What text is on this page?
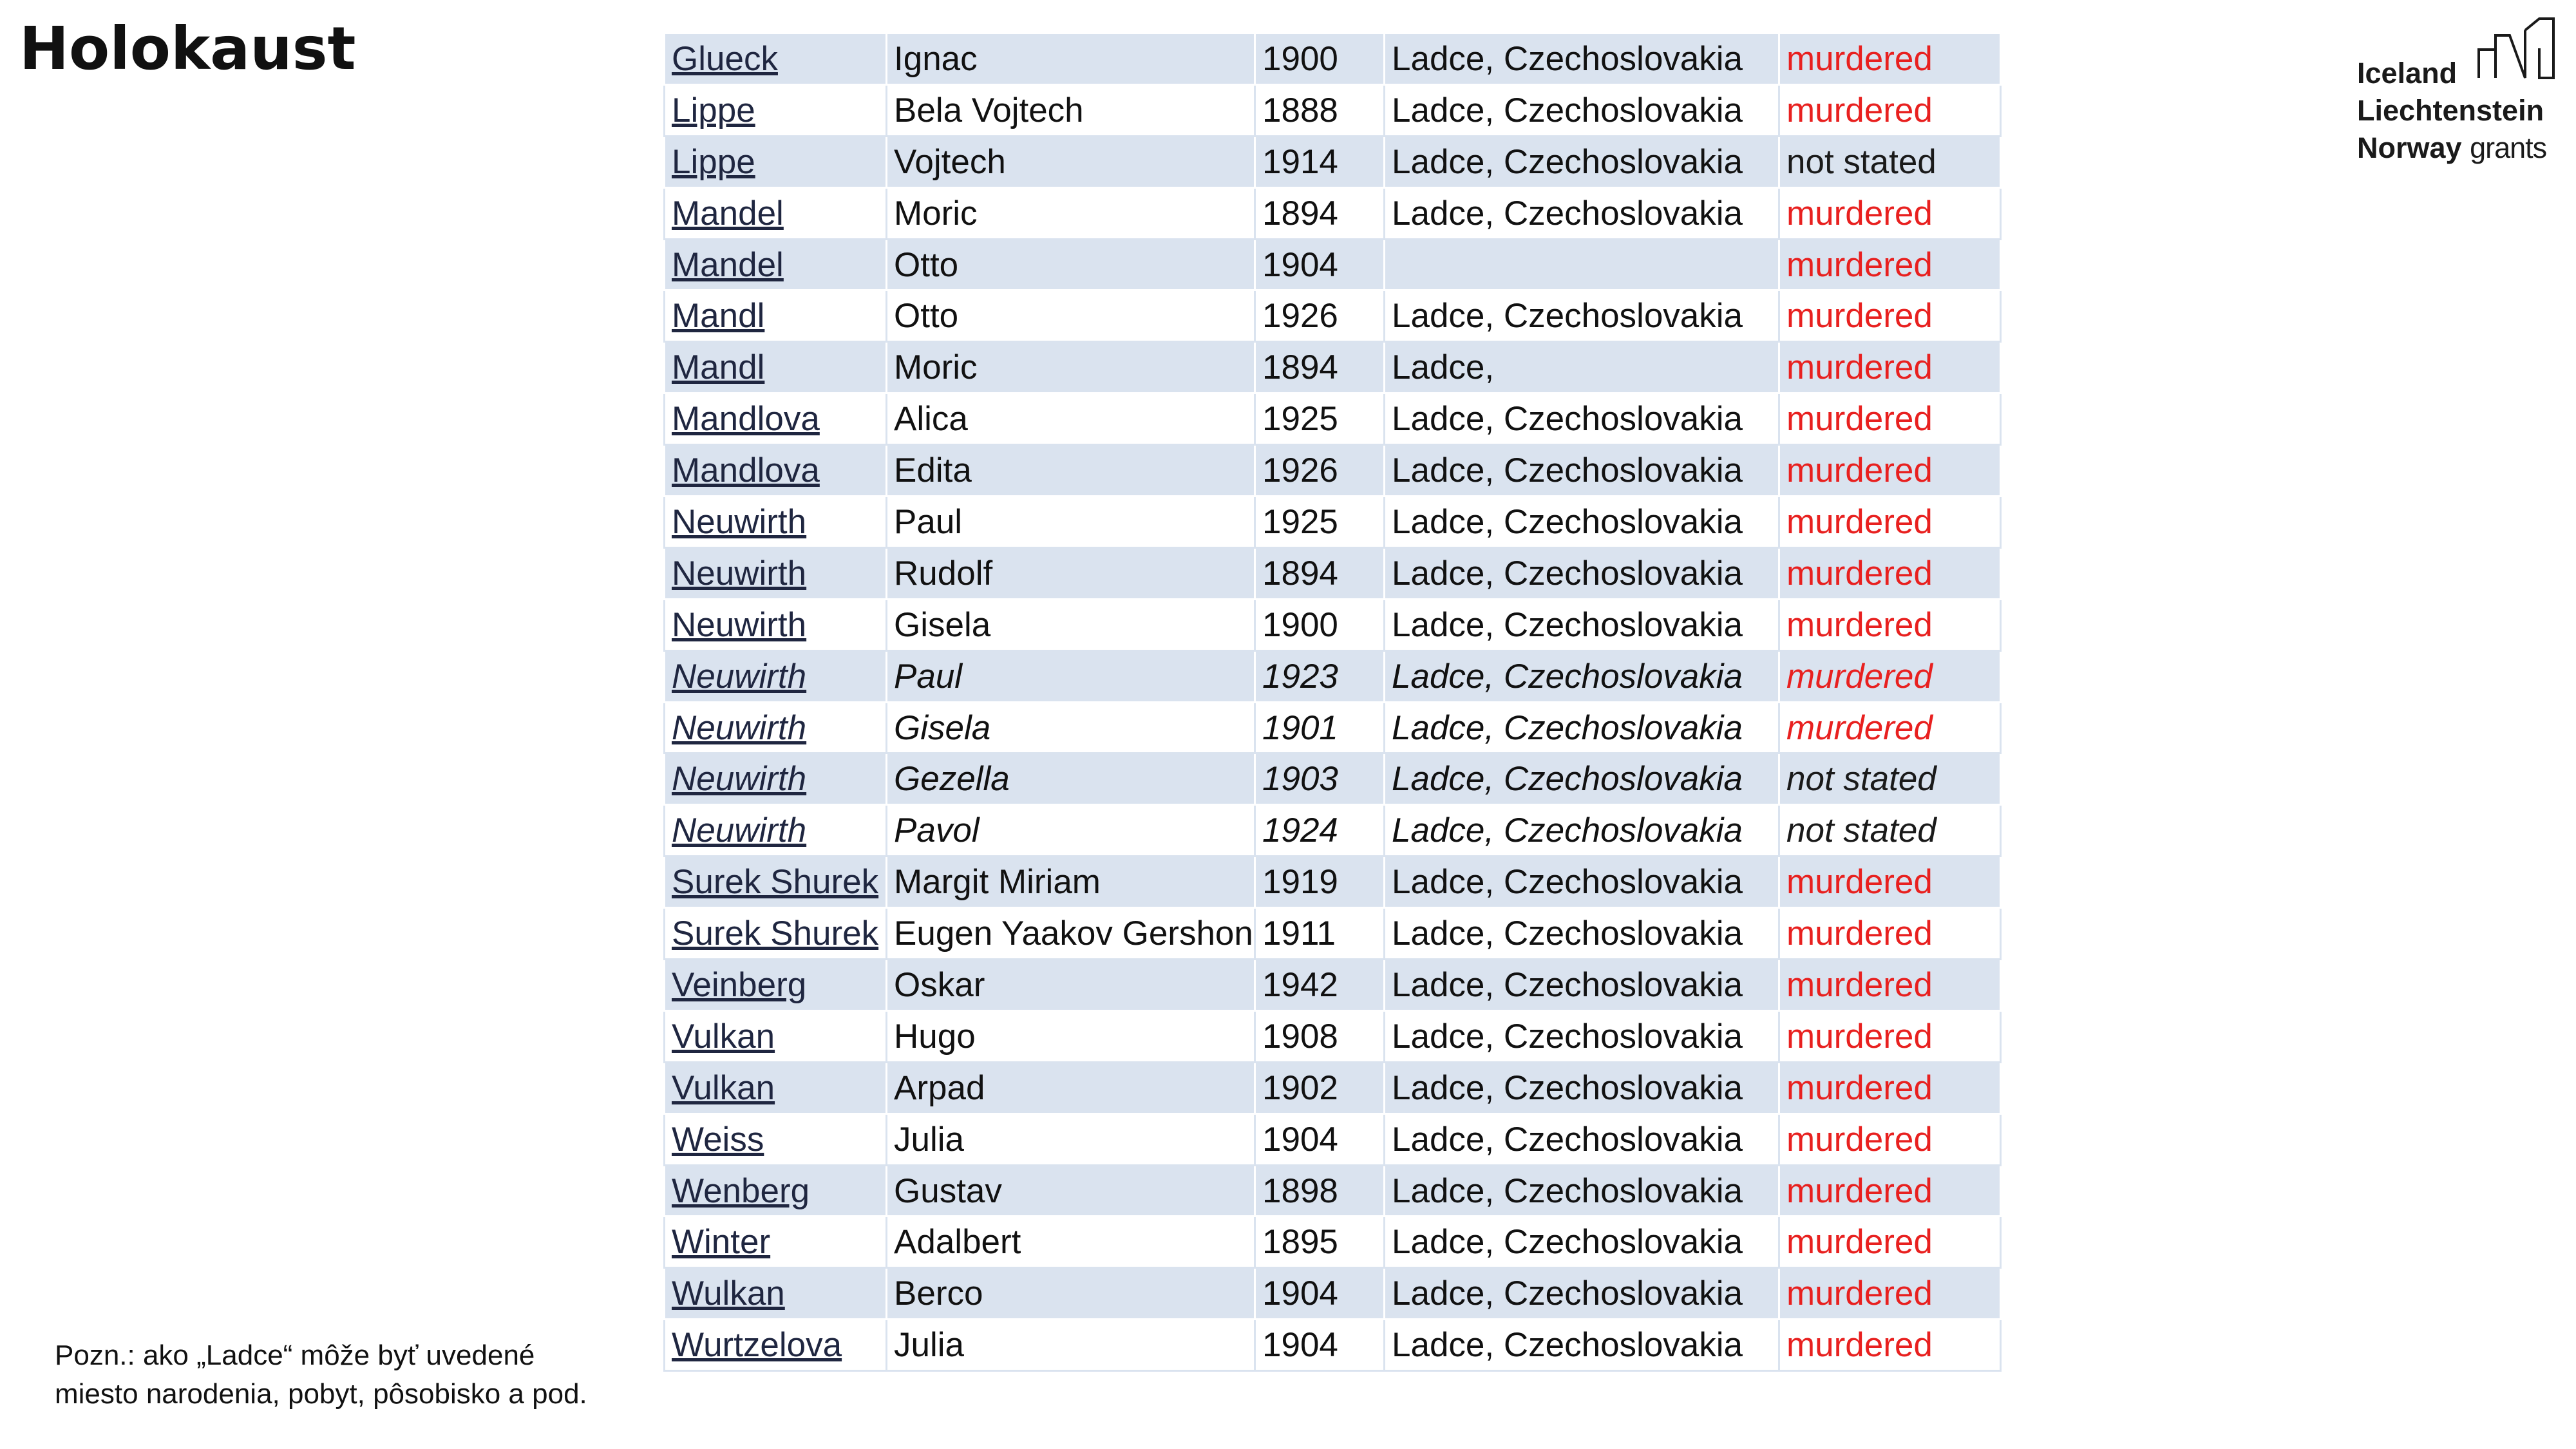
Holokaust	Iceland
Liechtenstein
Norway grants
Glueck	Ignac	1900	Ladce, Czechoslovakia	murdered
Lippe	Bela Vojtech	1888	Ladce, Czechoslovakia	murdered
Lippe	Vojtech	1914	Ladce, Czechoslovakia	not stated
Mandel	Moric	1894	Ladce, Czechoslovakia	murdered
Mandel	Otto	1904		murdered
Mandl	Otto	1926	Ladce, Czechoslovakia	murdered
Mandl	Moric	1894	Ladce,	murdered
Mandlova	Alica	1925	Ladce, Czechoslovakia	murdered
Mandlova	Edita	1926	Ladce, Czechoslovakia	murdered
Neuwirth	Paul	1925	Ladce, Czechoslovakia	murdered
Neuwirth	Rudolf	1894	Ladce, Czechoslovakia	murdered
Neuwirth	Gisela	1900	Ladce, Czechoslovakia	murdered
Neuwirth	Paul	1923	Ladce, Czechoslovakia	murdered
Neuwirth	Gisela	1901	Ladce, Czechoslovakia	murdered
Neuwirth	Gezella	1903	Ladce, Czechoslovakia	not stated
Neuwirth	Pavol	1924	Ladce, Czechoslovakia	not stated
Surek Shurek	Margit Miriam	1919	Ladce, Czechoslovakia	murdered
Surek Shurek	Eugen Yaakov Gershon	1911	Ladce, Czechoslovakia	murdered
Veinberg	Oskar	1942	Ladce, Czechoslovakia	murdered
Vulkan	Hugo	1908	Ladce, Czechoslovakia	murdered
Vulkan	Arpad	1902	Ladce, Czechoslovakia	murdered
Weiss	Julia	1904	Ladce, Czechoslovakia	murdered
Wenberg	Gustav	1898	Ladce, Czechoslovakia	murdered
Winter	Adalbert	1895	Ladce, Czechoslovakia	murdered
Wulkan	Berco	1904	Ladce, Czechoslovakia	murdered
Wurtzelova	Julia	1904	Ladce, Czechoslovakia	murdered
Pozn.: ako „Ladce“ môže byť uvedené
miesto narodenia, pobyt, pôsobisko a pod.
